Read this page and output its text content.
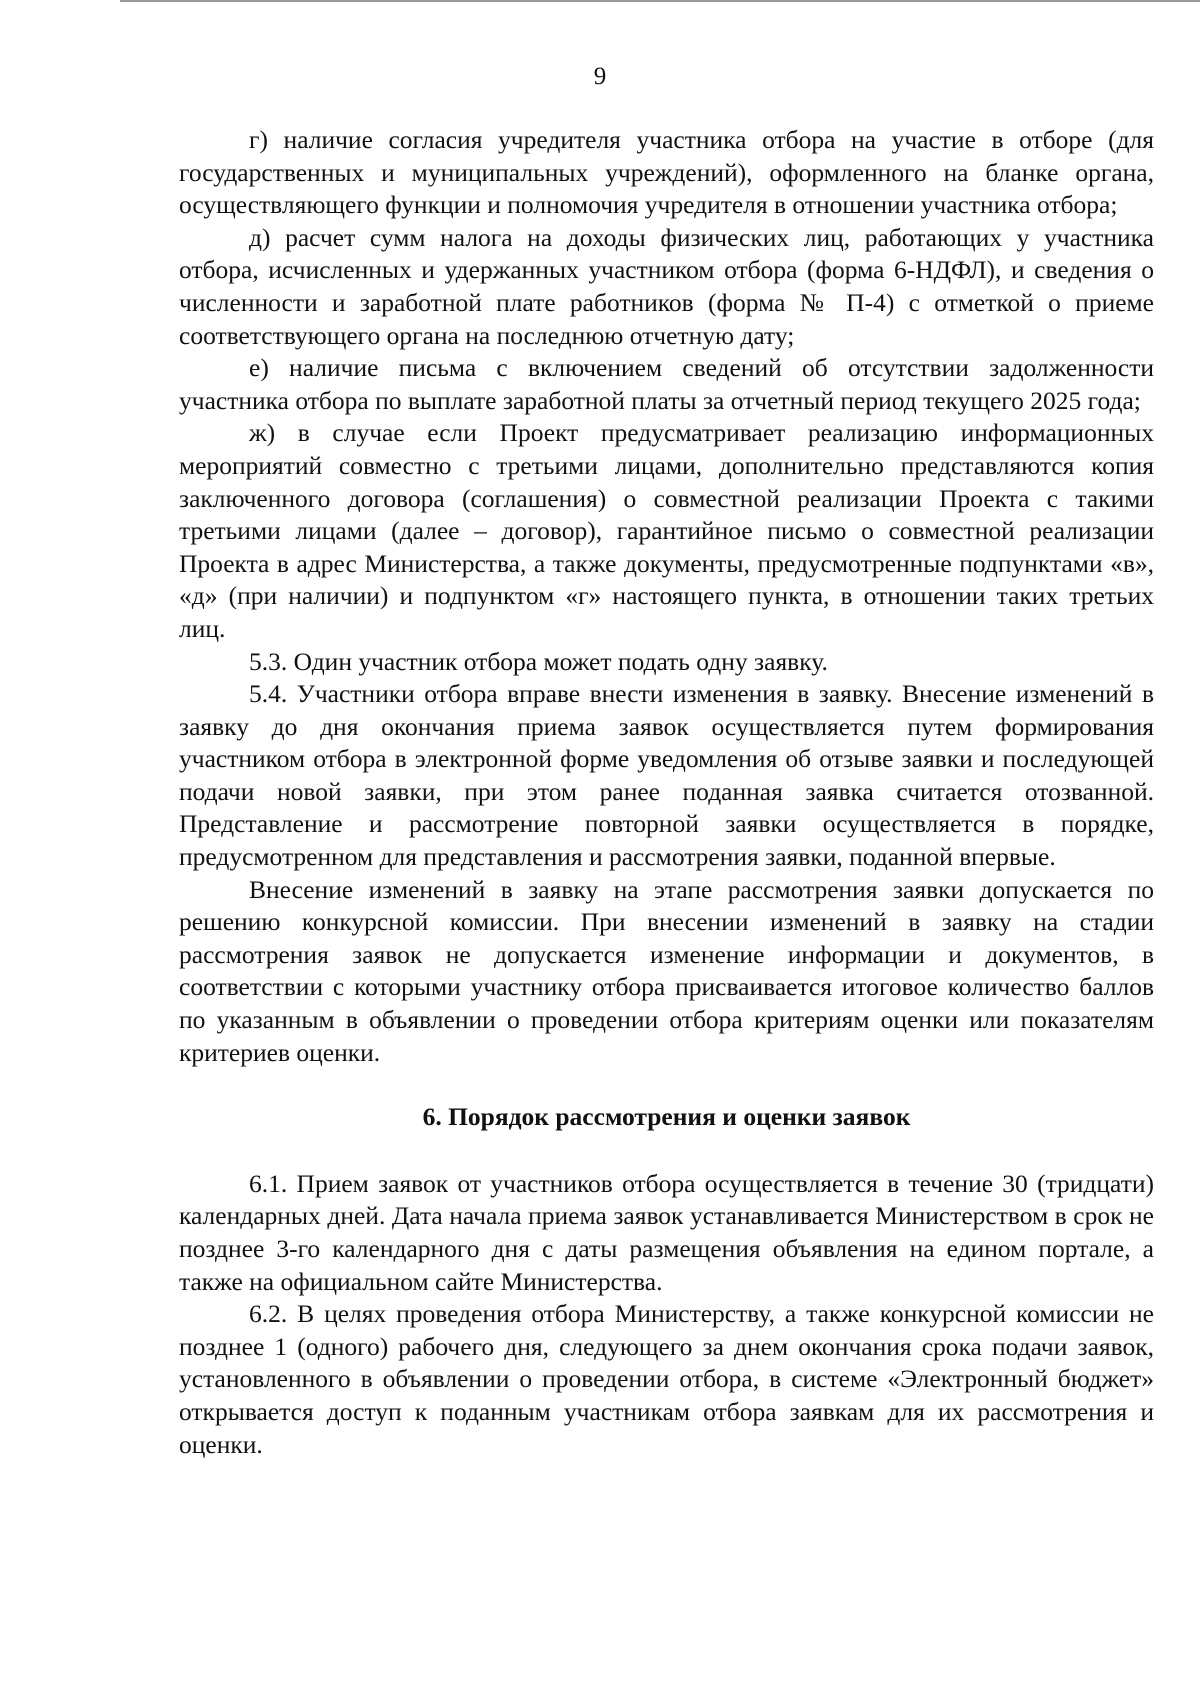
9

г) наличие согласия учредителя участника отбора на участие в отборе (для государственных и муниципальных учреждений), оформленного на бланке органа, осуществляющего функции и полномочия учредителя в отношении участника отбора;

д) расчет сумм налога на доходы физических лиц, работающих у участника отбора, исчисленных и удержанных участником отбора (форма 6-НДФЛ), и сведения о численности и заработной плате работников (форма № П-4) с отметкой о приеме соответствующего органа на последнюю отчетную дату;

е) наличие письма с включением сведений об отсутствии задолженности участника отбора по выплате заработной платы за отчетный период текущего 2025 года;

ж) в случае если Проект предусматривает реализацию информационных мероприятий совместно с третьими лицами, дополнительно представляются копия заключенного договора (соглашения) о совместной реализации Проекта с такими третьими лицами (далее – договор), гарантийное письмо о совместной реализации Проекта в адрес Министерства, а также документы, предусмотренные подпунктами «в», «д» (при наличии) и подпунктом «г» настоящего пункта, в отношении таких третьих лиц.

5.3. Один участник отбора может подать одну заявку.

5.4. Участники отбора вправе внести изменения в заявку. Внесение изменений в заявку до дня окончания приема заявок осуществляется путем формирования участником отбора в электронной форме уведомления об отзыве заявки и последующей подачи новой заявки, при этом ранее поданная заявка считается отозванной. Представление и рассмотрение повторной заявки осуществляется в порядке, предусмотренном для представления и рассмотрения заявки, поданной впервые.

Внесение изменений в заявку на этапе рассмотрения заявки допускается по решению конкурсной комиссии. При внесении изменений в заявку на стадии рассмотрения заявок не допускается изменение информации и документов, в соответствии с которыми участнику отбора присваивается итоговое количество баллов по указанным в объявлении о проведении отбора критериям оценки или показателям критериев оценки.

6. Порядок рассмотрения и оценки заявок

6.1. Прием заявок от участников отбора осуществляется в течение 30 (тридцати) календарных дней. Дата начала приема заявок устанавливается Министерством в срок не позднее 3-го календарного дня с даты размещения объявления на едином портале, а также на официальном сайте Министерства.

6.2. В целях проведения отбора Министерству, а также конкурсной комиссии не позднее 1 (одного) рабочего дня, следующего за днем окончания срока подачи заявок, установленного в объявлении о проведении отбора, в системе «Электронный бюджет» открывается доступ к поданным участникам отбора заявкам для их рассмотрения и оценки.
